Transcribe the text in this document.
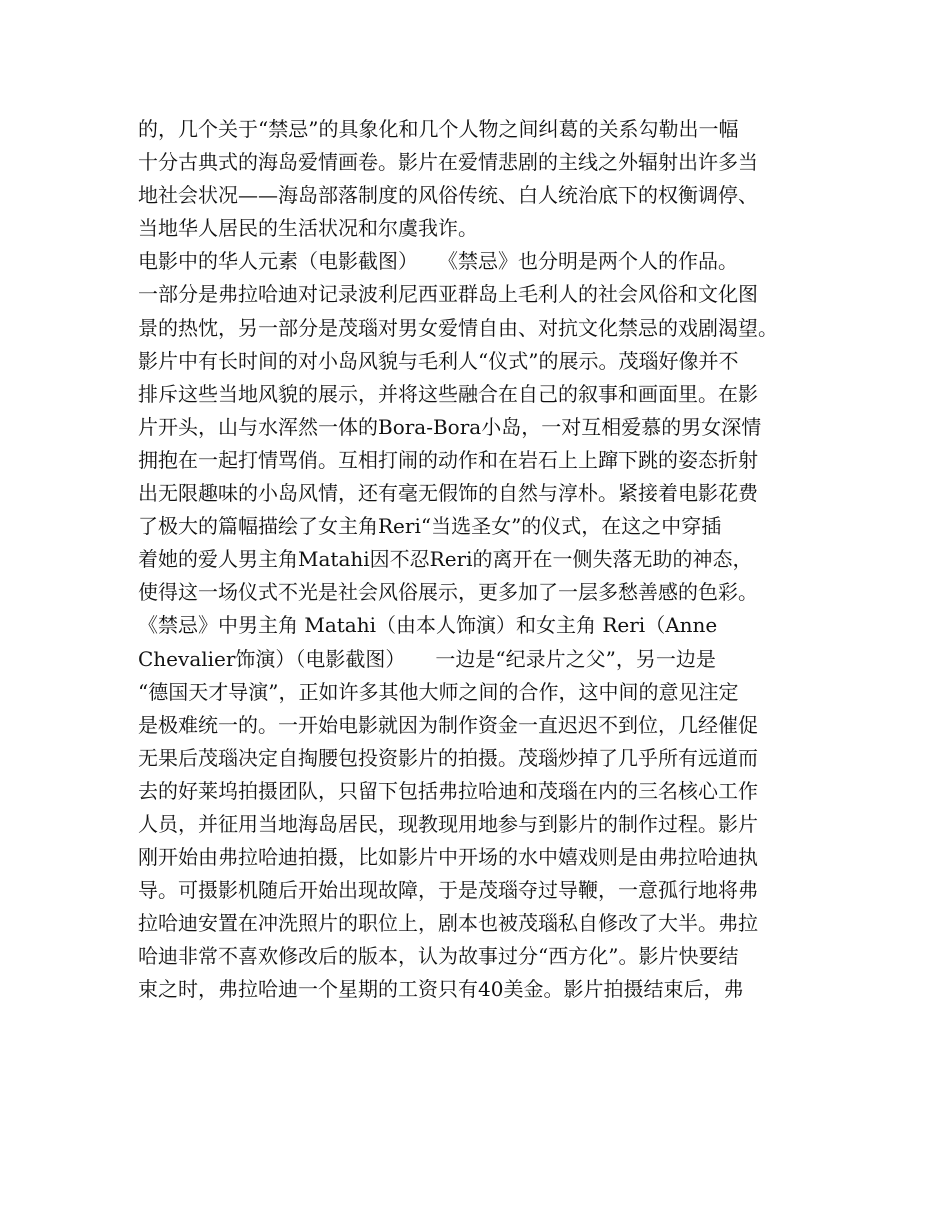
的，几个关于“禁忌”的具象化和几个人物之间纠葛的关系勾勒出一幅
十分古典式的海岛爱情画卷。影片在爱情悲剧的主线之外辐射出许多当
地社会状况——海岛部落制度的风俗传统、白人统治底下的权衡调停、
当地华人居民的生活状况和尔虞我诈。
电影中的华人元素（电影截图）　　《禁忌》也分明是两个人的作品。
一部分是弗拉哈迪对记录波利尼西亚群岛上毛利人的社会风俗和文化图
景的热忱，另一部分是茂瑙对男女爱情自由、对抗文化禁忌的戏剧渴望。
影片中有长时间的对小岛风貌与毛利人“仪式”的展示。茂瑙好像并不
排斥这些当地风貌的展示，并将这些融合在自己的叙事和画面里。在影
片开头，山与水浑然一体的Bora-Bora小岛，一对互相爱慕的男女深情
拥抱在一起打情骂俏。互相打闹的动作和在岩石上上蹿下跳的姿态折射
出无限趣味的小岛风情，还有毫无假饰的自然与淳朴。紧接着电影花费
了极大的篇幅描绘了女主角Reri“当选圣女”的仪式，在这之中穿插
着她的爱人男主角Matahi因不忍Reri的离开在一侧失落无助的神态，
使得这一场仪式不光是社会风俗展示，更多加了一层多愁善感的色彩。
《禁忌》中男主角 Matahi（由本人饰演）和女主角 Reri（Anne
Chevalier饰演）（电影截图）　　一边是“纪录片之父”，另一边是
“德国天才导演”，正如许多其他大师之间的合作，这中间的意见注定
是极难统一的。一开始电影就因为制作资金一直迟迟不到位，几经催促
无果后茂瑙决定自掏腰包投资影片的拍摄。茂瑙炒掉了几乎所有远道而
去的好莱坞拍摄团队，只留下包括弗拉哈迪和茂瑙在内的三名核心工作
人员，并征用当地海岛居民，现教现用地参与到影片的制作过程。影片
刚开始由弗拉哈迪拍摄，比如影片中开场的水中嬉戏则是由弗拉哈迪执
导。可摄影机随后开始出现故障，于是茂瑙夺过导鞭，一意孤行地将弗
拉哈迪安置在冲洗照片的职位上，剧本也被茂瑙私自修改了大半。弗拉
哈迪非常不喜欢修改后的版本，认为故事过分“西方化”。影片快要结
束之时，弗拉哈迪一个星期的工资只有40美金。影片拍摄结束后，弗
